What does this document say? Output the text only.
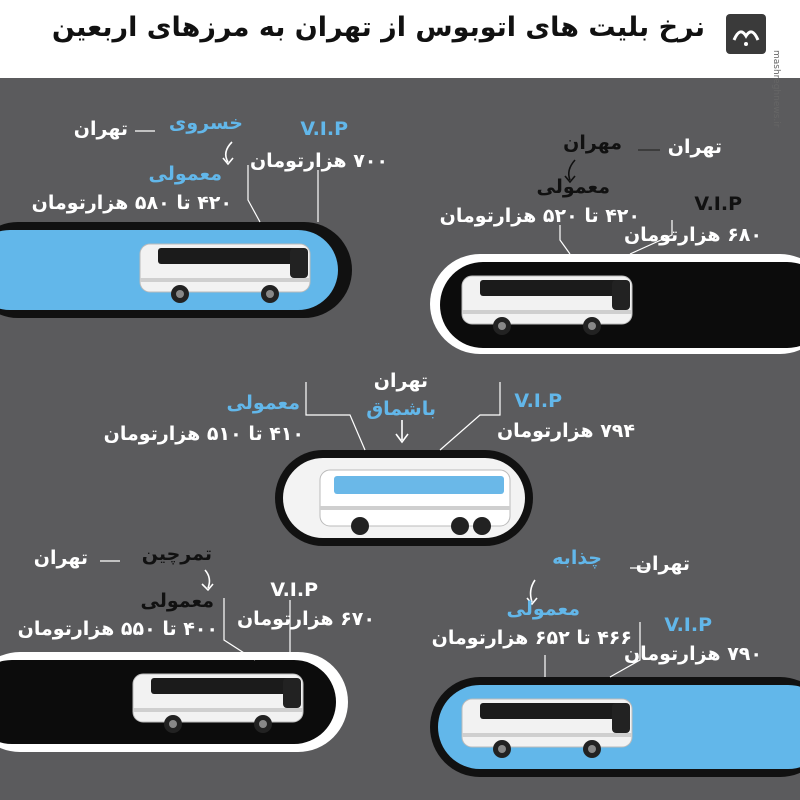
نرخ بلیت های اتوبوس از تهران به مرزهای اربعین
mashreghnews.ir
تهران خسروی
معمولی
۴۲۰ تا ۵۸۰ هزارتومان
V.I.P
۷۰۰ هزارتومان
تهران
مهران
معمولی
۴۲۰ تا ۵۲۰ هزارتومان
V.I.P
۶۸۰ هزارتومان
تهران
باشماق
معمولی
۴۱۰ تا ۵۱۰ هزارتومان
V.I.P
۷۹۴ هزارتومان
تهران	تمرچین
معمولی
۴۰۰ تا ۵۵۰ هزارتومان
V.I.P
۶۷۰ هزارتومان
تهران
چذابه
معمولی
۴۶۶ تا ۶۵۲ هزارتومان
V.I.P
۷۹۰ هزارتومان
